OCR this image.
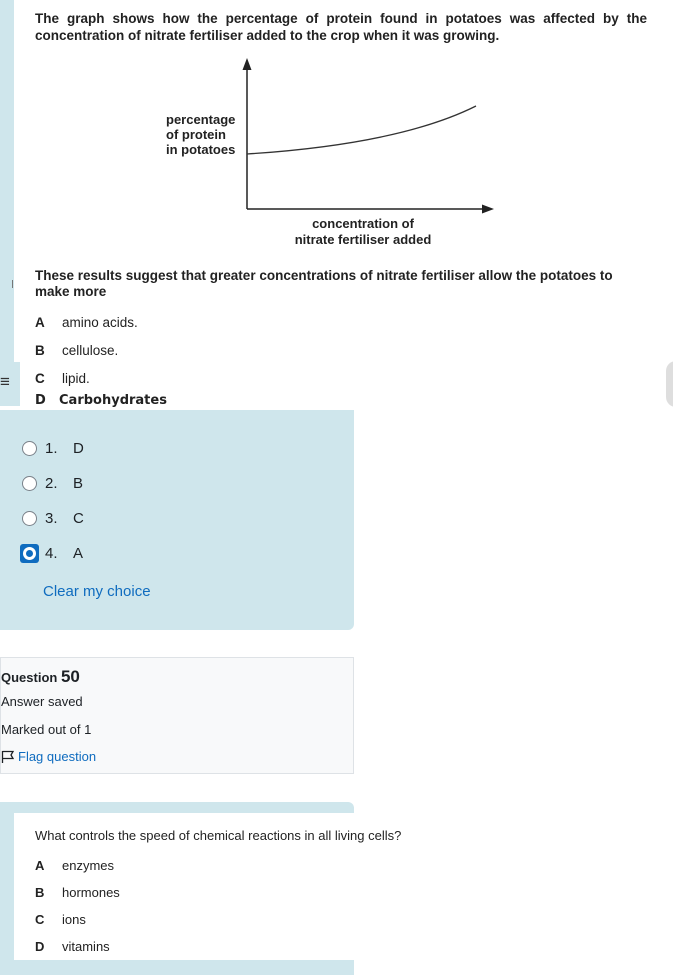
The graph shows how the percentage of protein found in potatoes was affected by the concentration of nitrate fertiliser added to the crop when it was growing.
percentage
of protein
in potatoes
concentration of
nitrate fertiliser added
These results suggest that greater concentrations of nitrate fertiliser allow the potatoes to make more
A amino acids.
B cellulose.
C lipid.
D Carbohydrates
≡
1.	D
2.	B
3.	C
4.	A
Clear my choice
Question 50
Answer saved
Marked out of 1
Flag question
What controls the speed of chemical reactions in all living cells?
A enzymes
B hormones
C ions
D vitamins
